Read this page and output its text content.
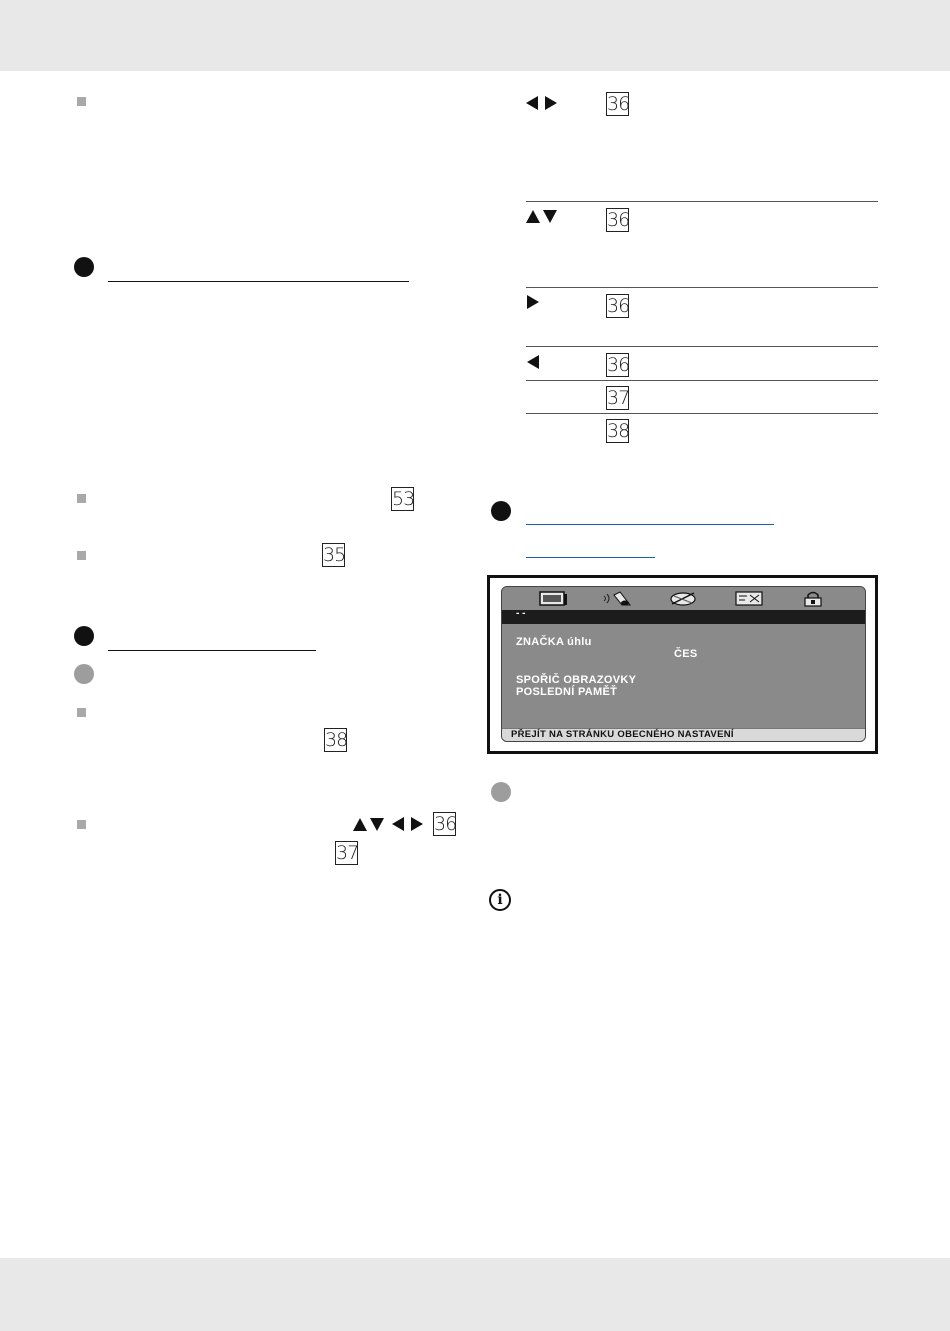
53
35
38
36
37
36
36
36
36
37
38
- -
ZNAČKA úhlu
ČES
SPOŘIČ OBRAZOVKY
POSLEDNÍ PAMĚŤ
PŘEJÍT NA STRÁNKU OBECNÉHO NASTAVENÍ
i
